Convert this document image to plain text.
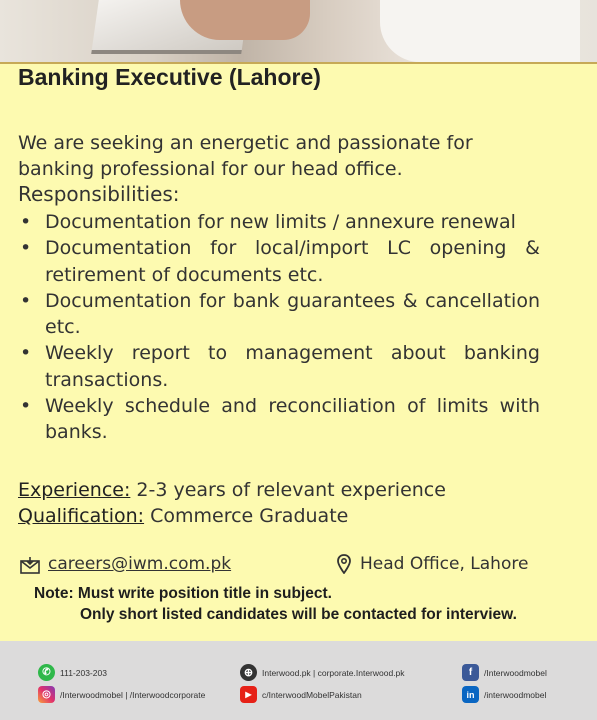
Banking Executive (Lahore)
We are seeking an energetic and passionate for banking professional for our head office.
Responsibilities:
• Documentation for new limits / annexure renewal
• Documentation for local/import LC opening & retirement of documents etc.
• Documentation for bank guarantees & cancellation etc.
• Weekly report to management about banking transactions.
• Weekly schedule and reconciliation of limits with banks.
Experience: 2-3 years of relevant experience
Qualification: Commerce Graduate
careers@iwm.com.pk	Head Office, Lahore
Note: Must write position title in subject.
Only short listed candidates will be contacted for interview.
✆	111-203-203	⊕	Interwood.pk | corporate.Interwood.pk	f	/Interwoodmobel
◎	/Interwoodmobel | /Interwoodcorporate	▶	c/InterwoodMobelPakistan	in	/interwoodmobel
